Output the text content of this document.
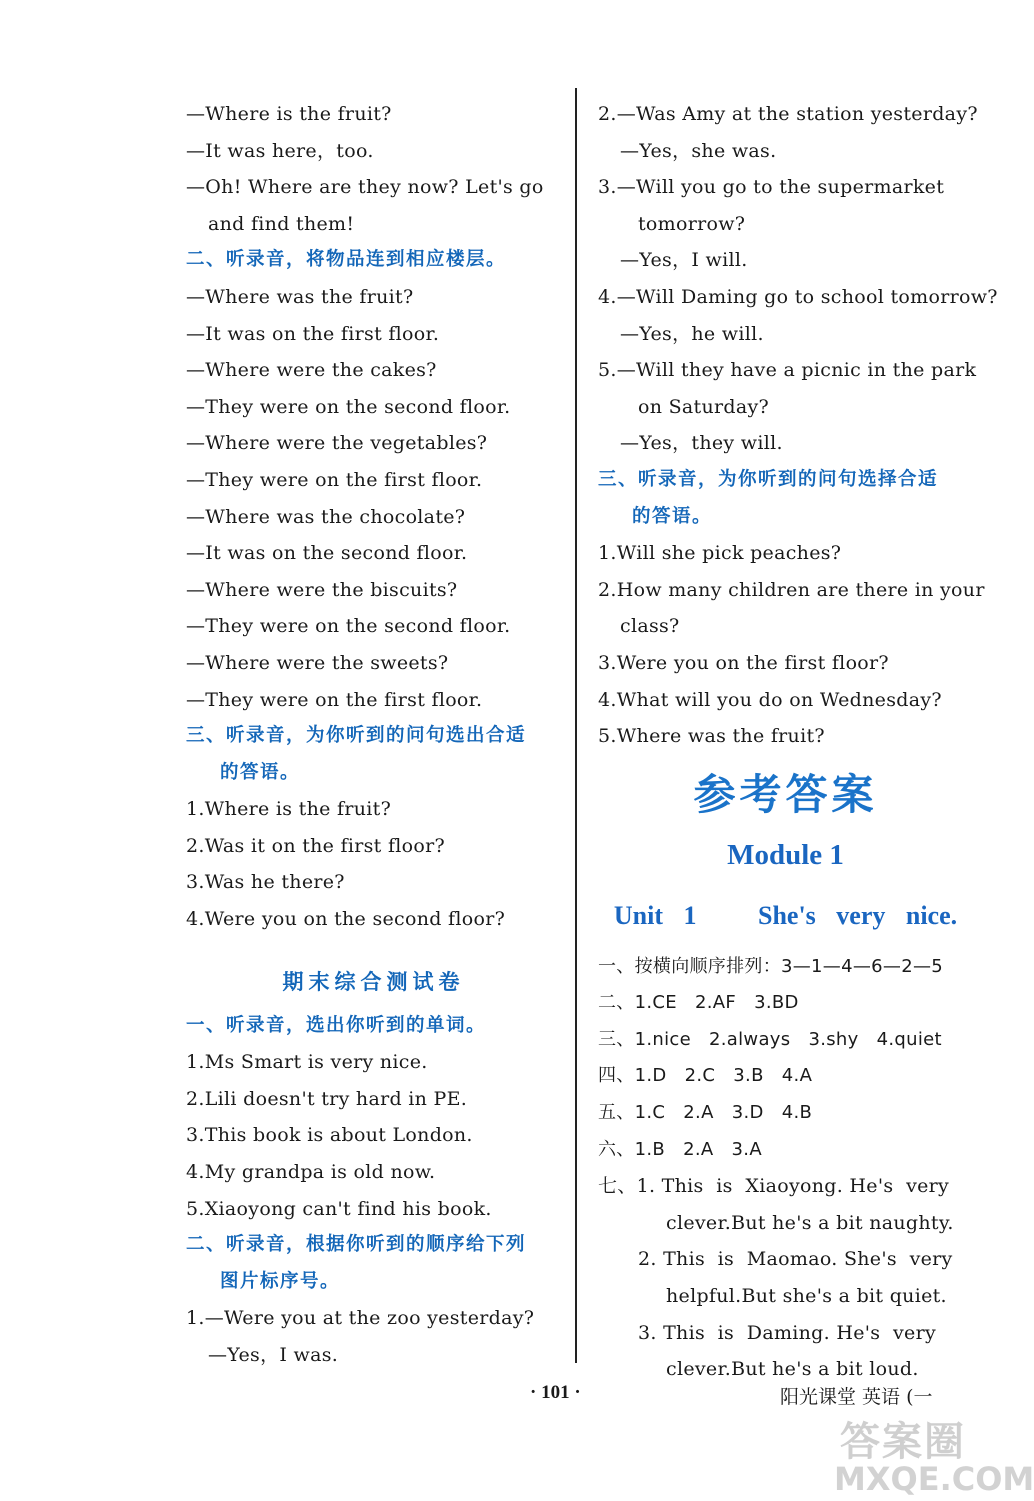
—Where is the fruit?
—It was here，too.
—Oh! Where are they now? Let's go
and find them!
二、听录音，将物品连到相应楼层。
—Where was the fruit?
—It was on the first floor.
—Where were the cakes?
—They were on the second floor.
—Where were the vegetables?
—They were on the first floor.
—Where was the chocolate?
—It was on the second floor.
—Where were the biscuits?
—They were on the second floor.
—Where were the sweets?
—They were on the first floor.
三、听录音，为你听到的问句选出合适
的答语。
1.Where is the fruit?
2.Was it on the first floor?
3.Was he there?
4.Were you on the second floor?
期末综合测试卷
一、听录音，选出你听到的单词。
1.Ms Smart is very nice.
2.Lili doesn't try hard in PE.
3.This book is about London.
4.My grandpa is old now.
5.Xiaoyong can't find his book.
二、听录音，根据你听到的顺序给下列
图片标序号。
1.—Were you at the zoo yesterday?
—Yes，I was.
2.—Was Amy at the station yesterday?
—Yes，she was.
3.—Will you go to the supermarket
tomorrow?
—Yes，I will.
4.—Will Daming go to school tomorrow?
—Yes，he will.
5.—Will they have a picnic in the park
on Saturday?
—Yes，they will.
三、听录音，为你听到的问句选择合适
的答语。
1.Will she pick peaches?
2.How many children are there in your
class?
3.Were you on the first floor?
4.What will you do on Wednesday?
5.Where was the fruit?
参考答案
Module 1
Unit 1   She's very nice.
一、按横向顺序排列：3—1—4—6—2—5
二、1.CE   2.AF   3.BD
三、1.nice   2.always   3.shy   4.quiet
四、1.D   2.C   3.B   4.A
五、1.C   2.A   3.D   4.B
六、1.B   2.A   3.A
七、1. This  is  Xiaoyong. He's  very
clever.But he's a bit naughty.
2. This  is  Maomao. She's  very
helpful.But she's a bit quiet.
3. This  is  Daming. He's  very
clever.But he's a bit loud.
· 101 ·	阳光课堂 英语 (一
答案圈
MXQE.COM
